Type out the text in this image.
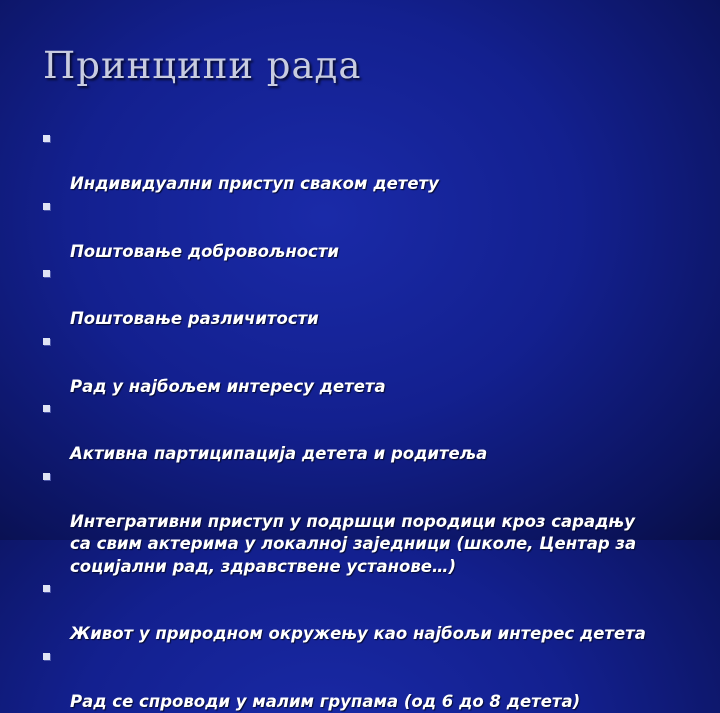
Принципи рада

Индивидуални приступ сваком детету

Поштовање добровољности

Поштовање различитости

Рад у најбољем интересу детета

Активна партиципација детета и родитеља

Интегративни приступ у подршци породици кроз сарадњу
са свим актерима у локалној заједници (школе, Центар за
социјални рад, здравствене установе…)

Живот у природном окружењу као најбољи интерес детета

Рад се спроводи у малим групама (од 6 до 8 детета)
